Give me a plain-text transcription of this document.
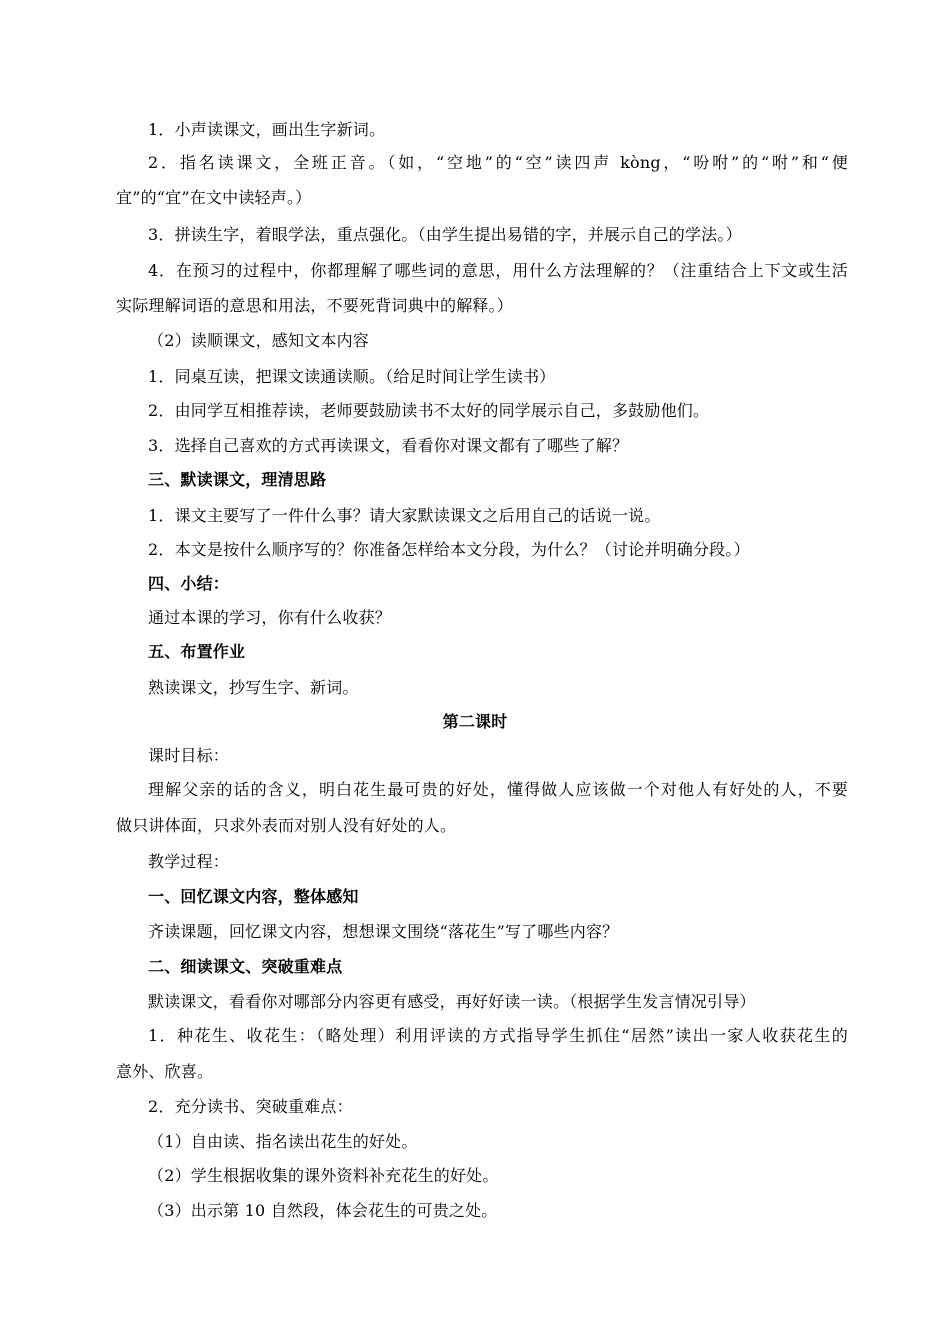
1．小声读课文，画出生字新词。
2．指名读课文，全班正音。（如，“空地”的“空”读四声 kòng，“吩咐”的“咐”和“便
宜”的“宜”在文中读轻声。）
3．拼读生字，着眼学法，重点强化。（由学生提出易错的字，并展示自己的学法。）
4．在预习的过程中，你都理解了哪些词的意思，用什么方法理解的？（注重结合上下文或生活
实际理解词语的意思和用法，不要死背词典中的解释。）
（2）读顺课文，感知文本内容
1．同桌互读，把课文读通读顺。（给足时间让学生读书）
2．由同学互相推荐读，老师要鼓励读书不太好的同学展示自己，多鼓励他们。
3．选择自己喜欢的方式再读课文，看看你对课文都有了哪些了解？
三、默读课文，理清思路
1．课文主要写了一件什么事？请大家默读课文之后用自己的话说一说。
2．本文是按什么顺序写的？你准备怎样给本文分段，为什么？（讨论并明确分段。）
四、小结：
通过本课的学习，你有什么收获？
五、布置作业
熟读课文，抄写生字、新词。
第二课时
课时目标：
理解父亲的话的含义，明白花生最可贵的好处，懂得做人应该做一个对他人有好处的人，不要
做只讲体面，只求外表而对别人没有好处的人。
教学过程：
一、回忆课文内容，整体感知
齐读课题，回忆课文内容，想想课文围绕“落花生”写了哪些内容？
二、细读课文、突破重难点
默读课文，看看你对哪部分内容更有感受，再好好读一读。（根据学生发言情况引导）
1．种花生、收花生：（略处理）利用评读的方式指导学生抓住“居然”读出一家人收获花生的
意外、欣喜。
2．充分读书、突破重难点：
（1）自由读、指名读出花生的好处。
（2）学生根据收集的课外资料补充花生的好处。
（3）出示第 10 自然段，体会花生的可贵之处。
